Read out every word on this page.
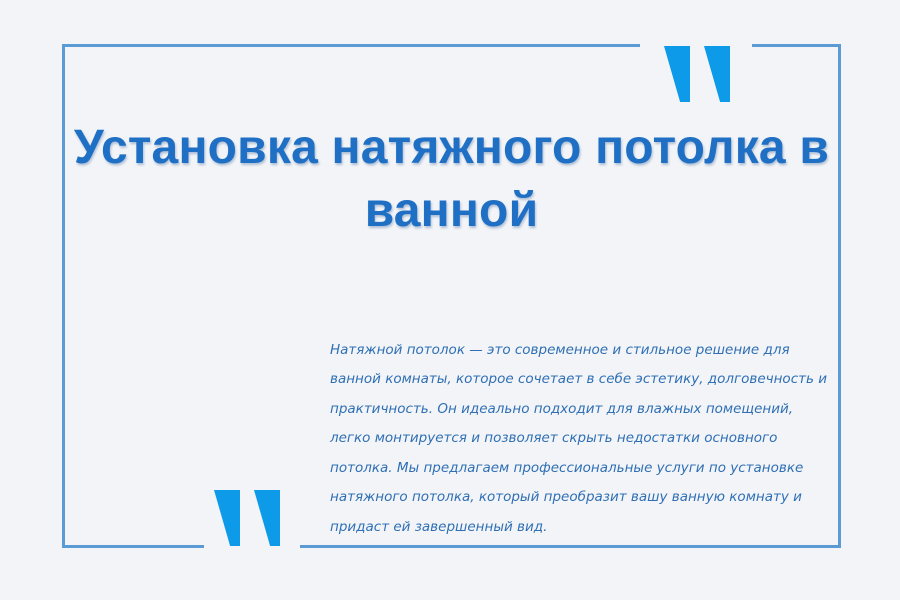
Установка натяжного потолка в ванной

Натяжной потолок — это современное и стильное решение для ванной комнаты, которое сочетает в себе эстетику, долговечность и практичность. Он идеально подходит для влажных помещений, легко монтируется и позволяет скрыть недостатки основного потолка. Мы предлагаем профессиональные услуги по установке натяжного потолка, который преобразит вашу ванную комнату и придаст ей завершенный вид.
